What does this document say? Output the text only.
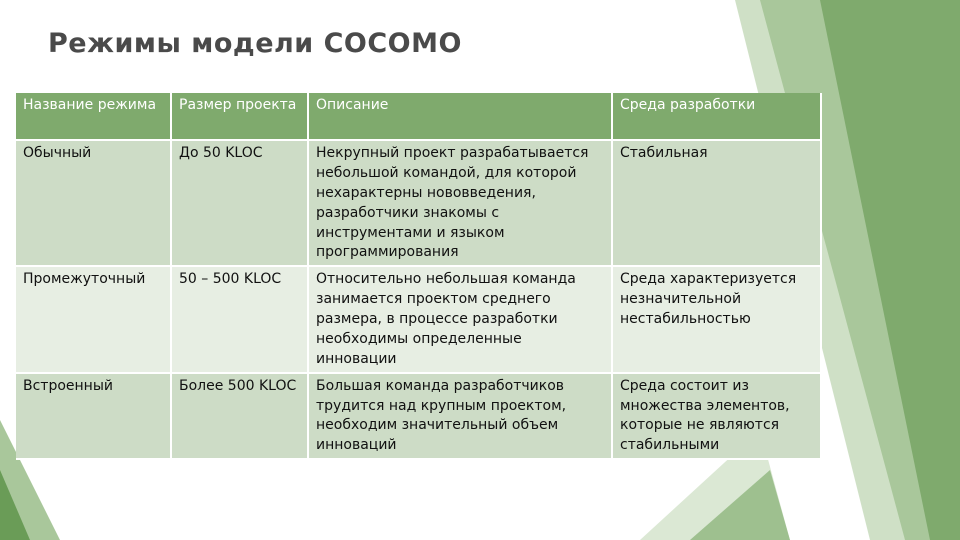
Режимы модели COCOMO
Название режима	Размер проекта	Описание	Среда разработки
Обычный	До 50 KLOC	Некрупный проект разрабатывается небольшой командой, для которой нехарактерны нововведения, разработчики знакомы с инструментами и языком программирования	Стабильная
Промежуточный	50 – 500 KLOC	Относительно небольшая команда занимается проектом среднего размера, в процессе разработки необходимы определенные инновации	Среда характеризуется незначительной нестабильностью
Встроенный	Более 500 KLOC	Большая команда разработчиков трудится над крупным проектом, необходим значительный объем инноваций	Среда состоит из множества элементов, которые не являются стабильными
